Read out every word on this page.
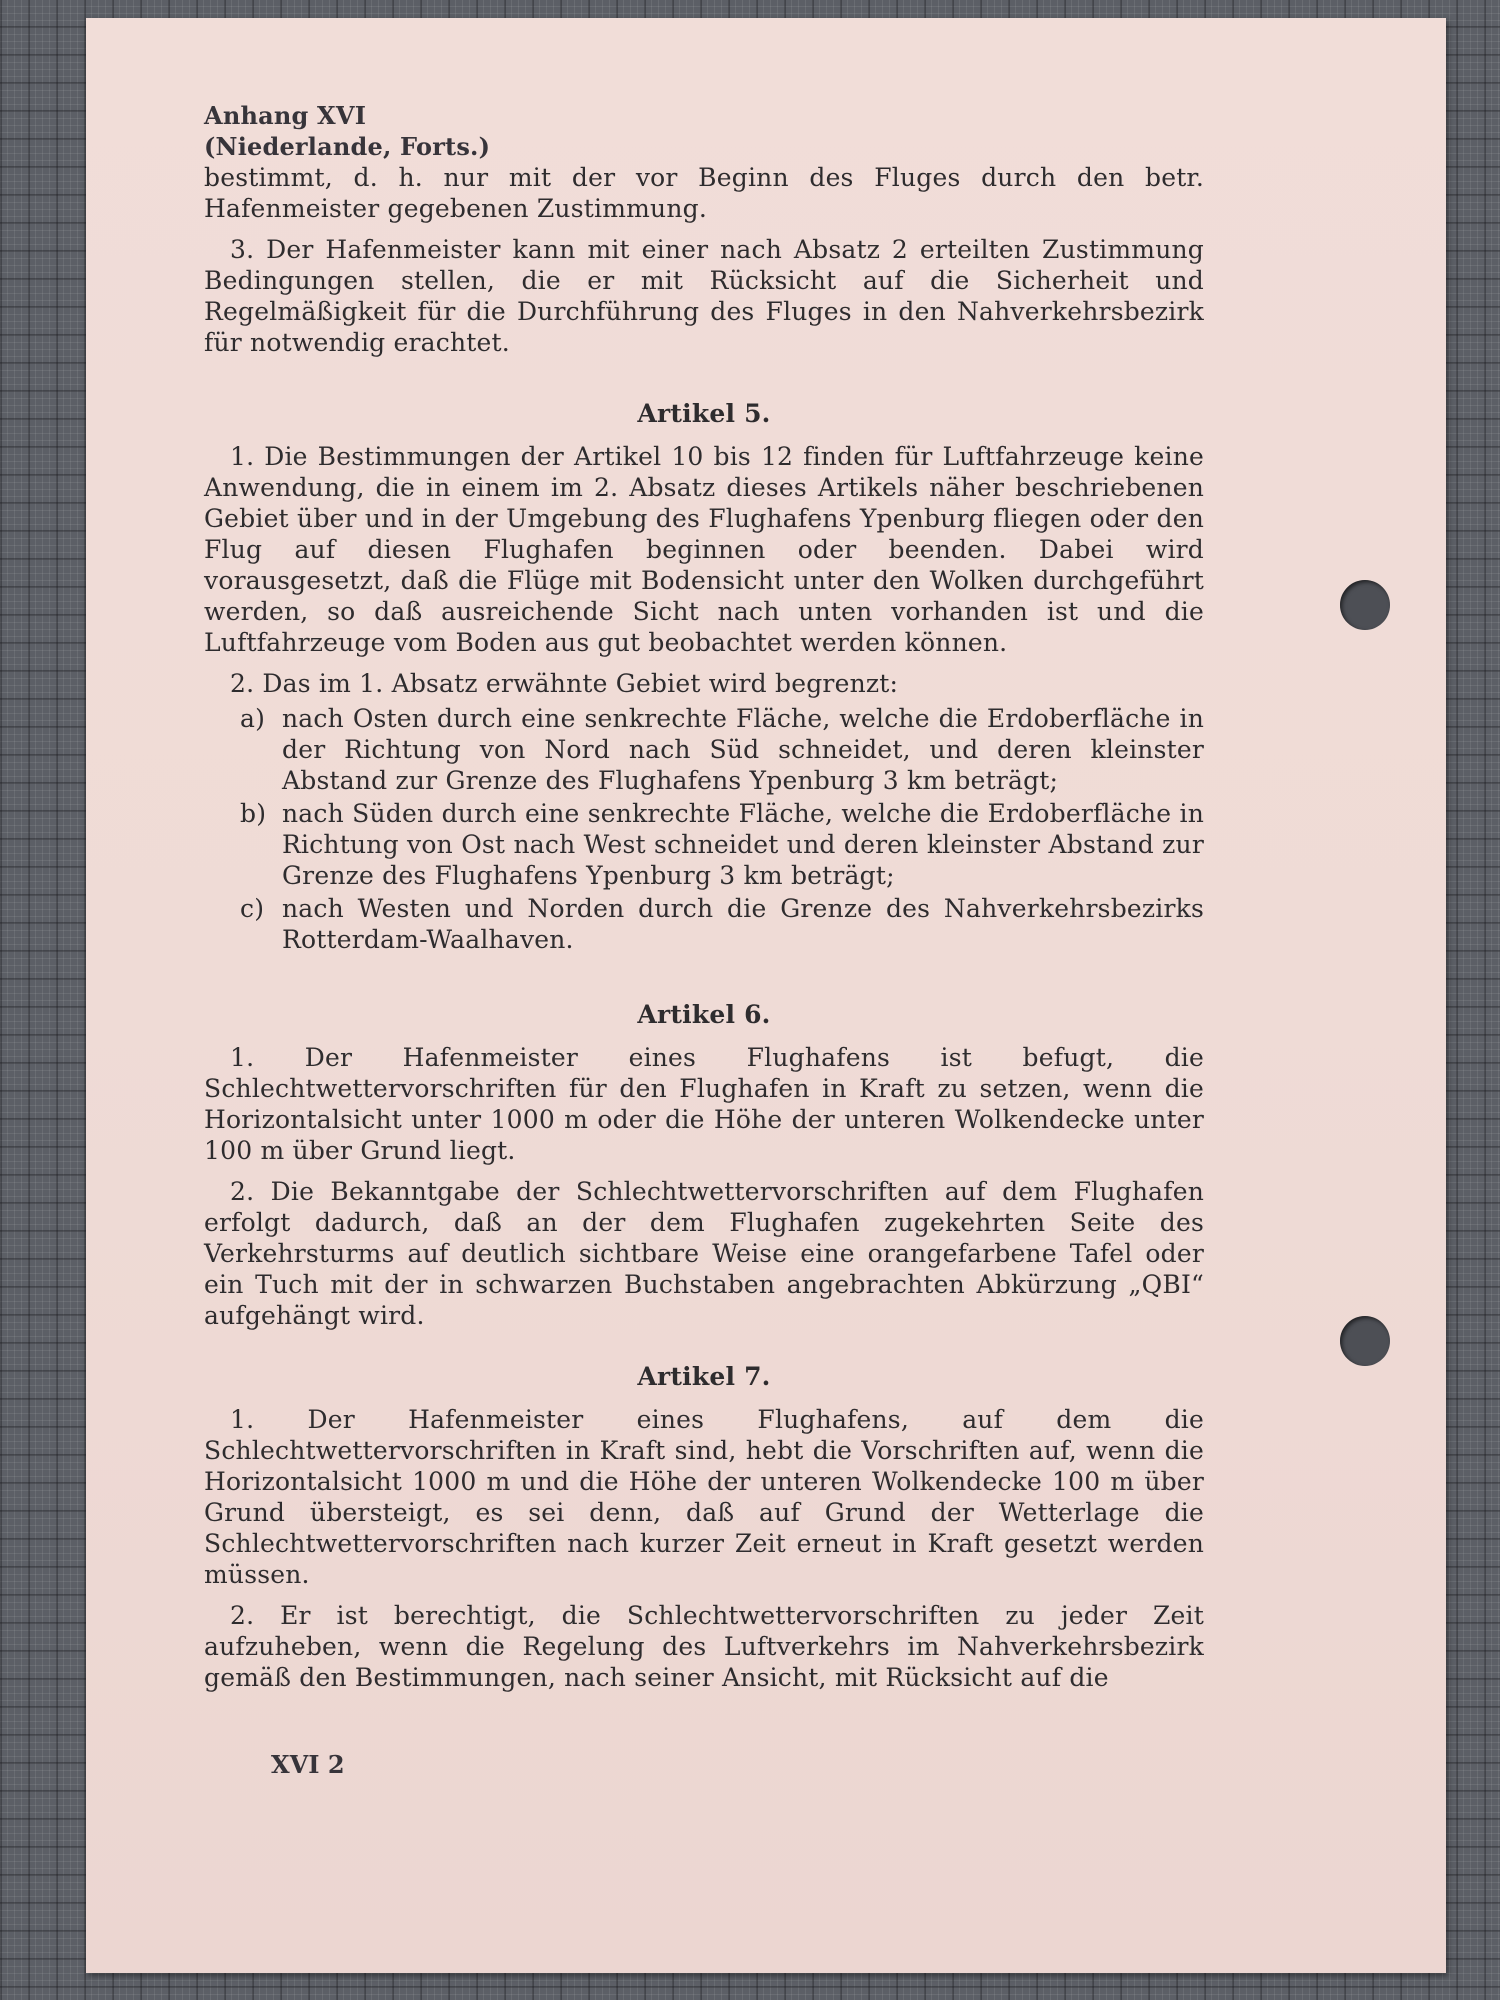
Anhang XVI

(Niederlande, Forts.)

bestimmt, d. h. nur mit der vor Beginn des Fluges durch den betr. Hafenmeister gegebenen Zustimmung.

3. Der Hafenmeister kann mit einer nach Absatz 2 erteilten Zustimmung Bedingungen stellen, die er mit Rücksicht auf die Sicherheit und Regelmäßigkeit für die Durchführung des Fluges in den Nahverkehrsbezirk für notwendig erachtet.

Artikel 5.

1. Die Bestimmungen der Artikel 10 bis 12 finden für Luftfahrzeuge keine Anwendung, die in einem im 2. Absatz dieses Artikels näher beschriebenen Gebiet über und in der Umgebung des Flughafens Ypenburg fliegen oder den Flug auf diesen Flughafen beginnen oder beenden. Dabei wird vorausgesetzt, daß die Flüge mit Bodensicht unter den Wolken durchgeführt werden, so daß ausreichende Sicht nach unten vorhanden ist und die Luftfahrzeuge vom Boden aus gut beobachtet werden können.

2. Das im 1. Absatz erwähnte Gebiet wird begrenzt:

a) nach Osten durch eine senkrechte Fläche, welche die Erdoberfläche in der Richtung von Nord nach Süd schneidet, und deren kleinster Abstand zur Grenze des Flughafens Ypenburg 3 km beträgt;
b) nach Süden durch eine senkrechte Fläche, welche die Erdoberfläche in Richtung von Ost nach West schneidet und deren kleinster Abstand zur Grenze des Flughafens Ypenburg 3 km beträgt;
c) nach Westen und Norden durch die Grenze des Nahverkehrsbezirks Rotterdam-Waalhaven.
Artikel 6.

1. Der Hafenmeister eines Flughafens ist befugt, die Schlechtwettervorschriften für den Flughafen in Kraft zu setzen, wenn die Horizontalsicht unter 1000 m oder die Höhe der unteren Wolkendecke unter 100 m über Grund liegt.

2. Die Bekanntgabe der Schlechtwettervorschriften auf dem Flughafen erfolgt dadurch, daß an der dem Flughafen zugekehrten Seite des Verkehrsturms auf deutlich sichtbare Weise eine orangefarbene Tafel oder ein Tuch mit der in schwarzen Buchstaben angebrachten Abkürzung „QBI“ aufgehängt wird.

Artikel 7.

1. Der Hafenmeister eines Flughafens, auf dem die Schlechtwettervorschriften in Kraft sind, hebt die Vorschriften auf, wenn die Horizontalsicht 1000 m und die Höhe der unteren Wolkendecke 100 m über Grund übersteigt, es sei denn, daß auf Grund der Wetterlage die Schlechtwettervorschriften nach kurzer Zeit erneut in Kraft gesetzt werden müssen.

2. Er ist berechtigt, die Schlechtwettervorschriften zu jeder Zeit aufzuheben, wenn die Regelung des Luftverkehrs im Nahverkehrsbezirk gemäß den Bestimmungen, nach seiner Ansicht, mit Rücksicht auf die

XVI 2
